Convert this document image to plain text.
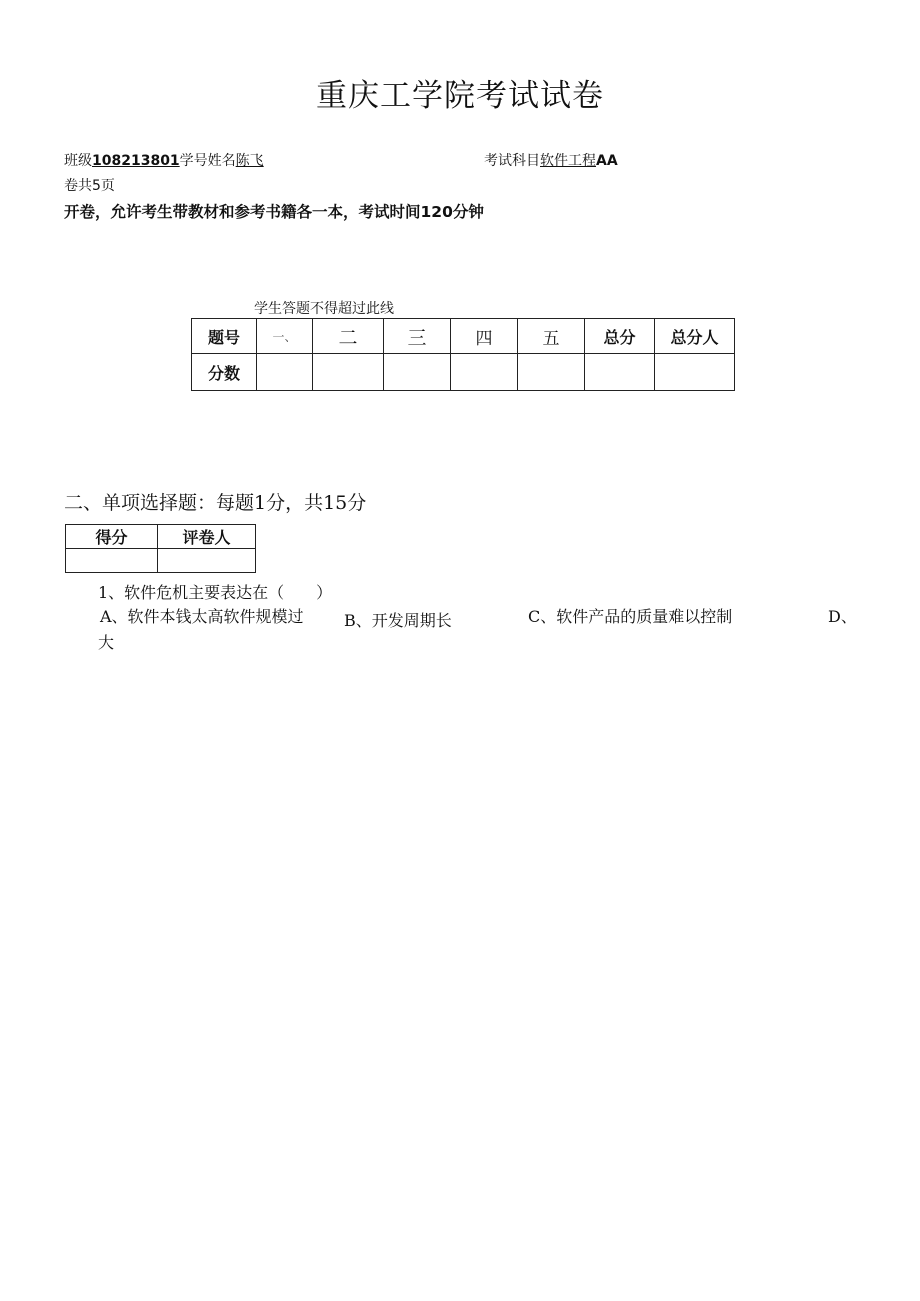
重庆工学院考试试卷
班级108213801学号姓名陈飞	考试科目软件工程AA
卷共5页
开卷，允许考生带教材和参考书籍各一本，考试时间120分钟
学生答题不得超过此线
题号	一、	二	三	四	五	总分	总分人
分数							
二、单项选择题：每题1分，共15分
得分	评卷人

1、软件危机主要表达在（　　）
A、软件本钱太高软件规模过
大
B、开发周期长	C、软件产品的质量难以控制	D、
